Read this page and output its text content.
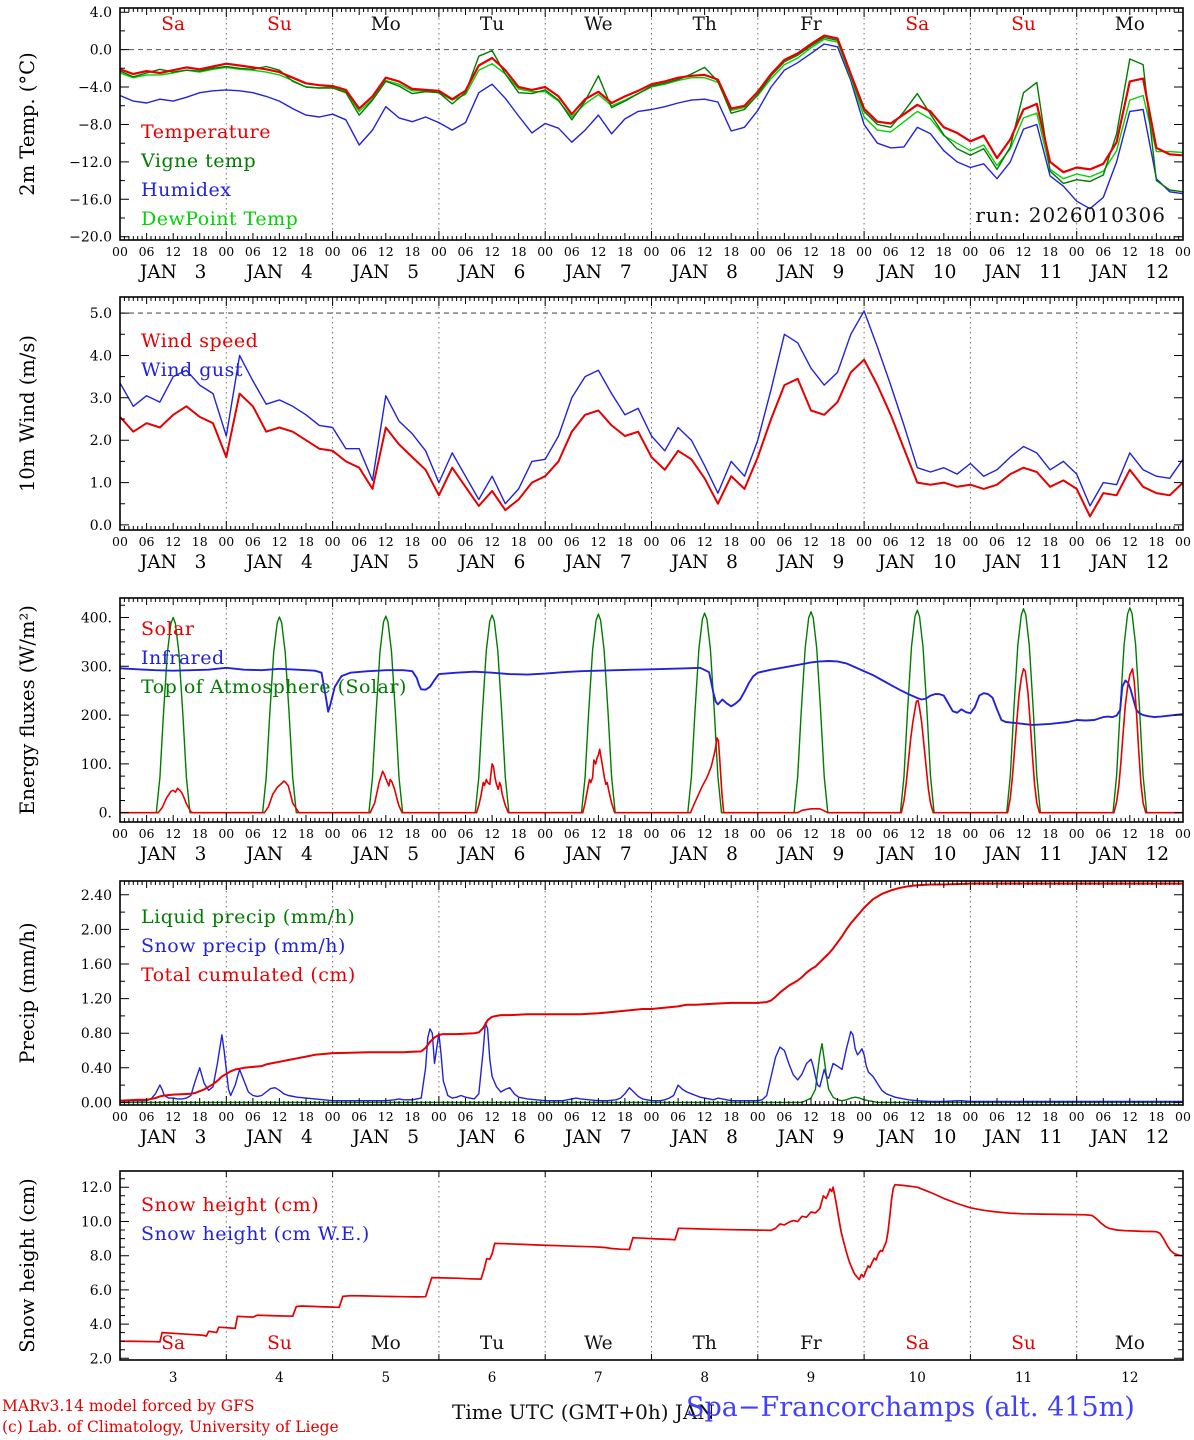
4.0
0.0
−4.0
−8.0
−12.0
−16.0
−20.0
2m Temp. (°C)
00 06 12 18 00 06 12 18 00 06 12 18 00 06 12 18 00 06 12 18 00 06 12 18 00 06 12 18 00 06 12 18 00 06 12 18 00 06 12 18 00
JAN 3 JAN 4 JAN 5 JAN 6 JAN 7 JAN 8 JAN 9 JAN 10 JAN 11 JAN 12
Sa	Su	Mo	Tu	We	Th	Fr	Sa	Su	Mo
5.0
4.0
3.0
2.0
1.0
0.0
10m Wind (m/s)
00 06 12 18 00 06 12 18 00 06 12 18 00 06 12 18 00 06 12 18 00 06 12 18 00 06 12 18 00 06 12 18 00 06 12 18 00 06 12 18 00
JAN 3 JAN 4 JAN 5 JAN 6 JAN 7 JAN 8 JAN 9 JAN 10 JAN 11 JAN 12
400.
300.
200.
100.
0.
Energy fluxes (W/m²)
00 06 12 18 00 06 12 18 00 06 12 18 00 06 12 18 00 06 12 18 00 06 12 18 00 06 12 18 00 06 12 18 00 06 12 18 00 06 12 18 00
JAN 3 JAN 4 JAN 5 JAN 6 JAN 7 JAN 8 JAN 9 JAN 10 JAN 11 JAN 12
2.40
2.00
1.60
1.20
0.80
0.40
0.00
Precip (mm/h)
00 06 12 18 00 06 12 18 00 06 12 18 00 06 12 18 00 06 12 18 00 06 12 18 00 06 12 18 00 06 12 18 00 06 12 18 00 06 12 18 00
JAN 3 JAN 4 JAN 5 JAN 6 JAN 7 JAN 8 JAN 9 JAN 10 JAN 11 JAN 12
12.0
10.0
8.0
6.0
4.0
2.0
Snow height (cm)
3	4	5	6	7	8	9	10	11	12
Sa	Su	Mo	Tu	We	Th	Fr	Sa	Su	Mo
Temperature
Vigne temp
Humidex
DewPoint Temp
Wind speed
Wind gust
Solar
Infrared
Top of Atmosphere (Solar)
Liquid precip (mm/h)
Snow precip (mm/h)
Total cumulated (cm)
Snow height (cm)
Snow height (cm W.E.)
run: 2026010306
MARv3.14 model forced by GFS
(c) Lab. of Climatology, University of Liege
Time UTC (GMT+0h) JAN
Spa−Francorchamps (alt. 415m)
